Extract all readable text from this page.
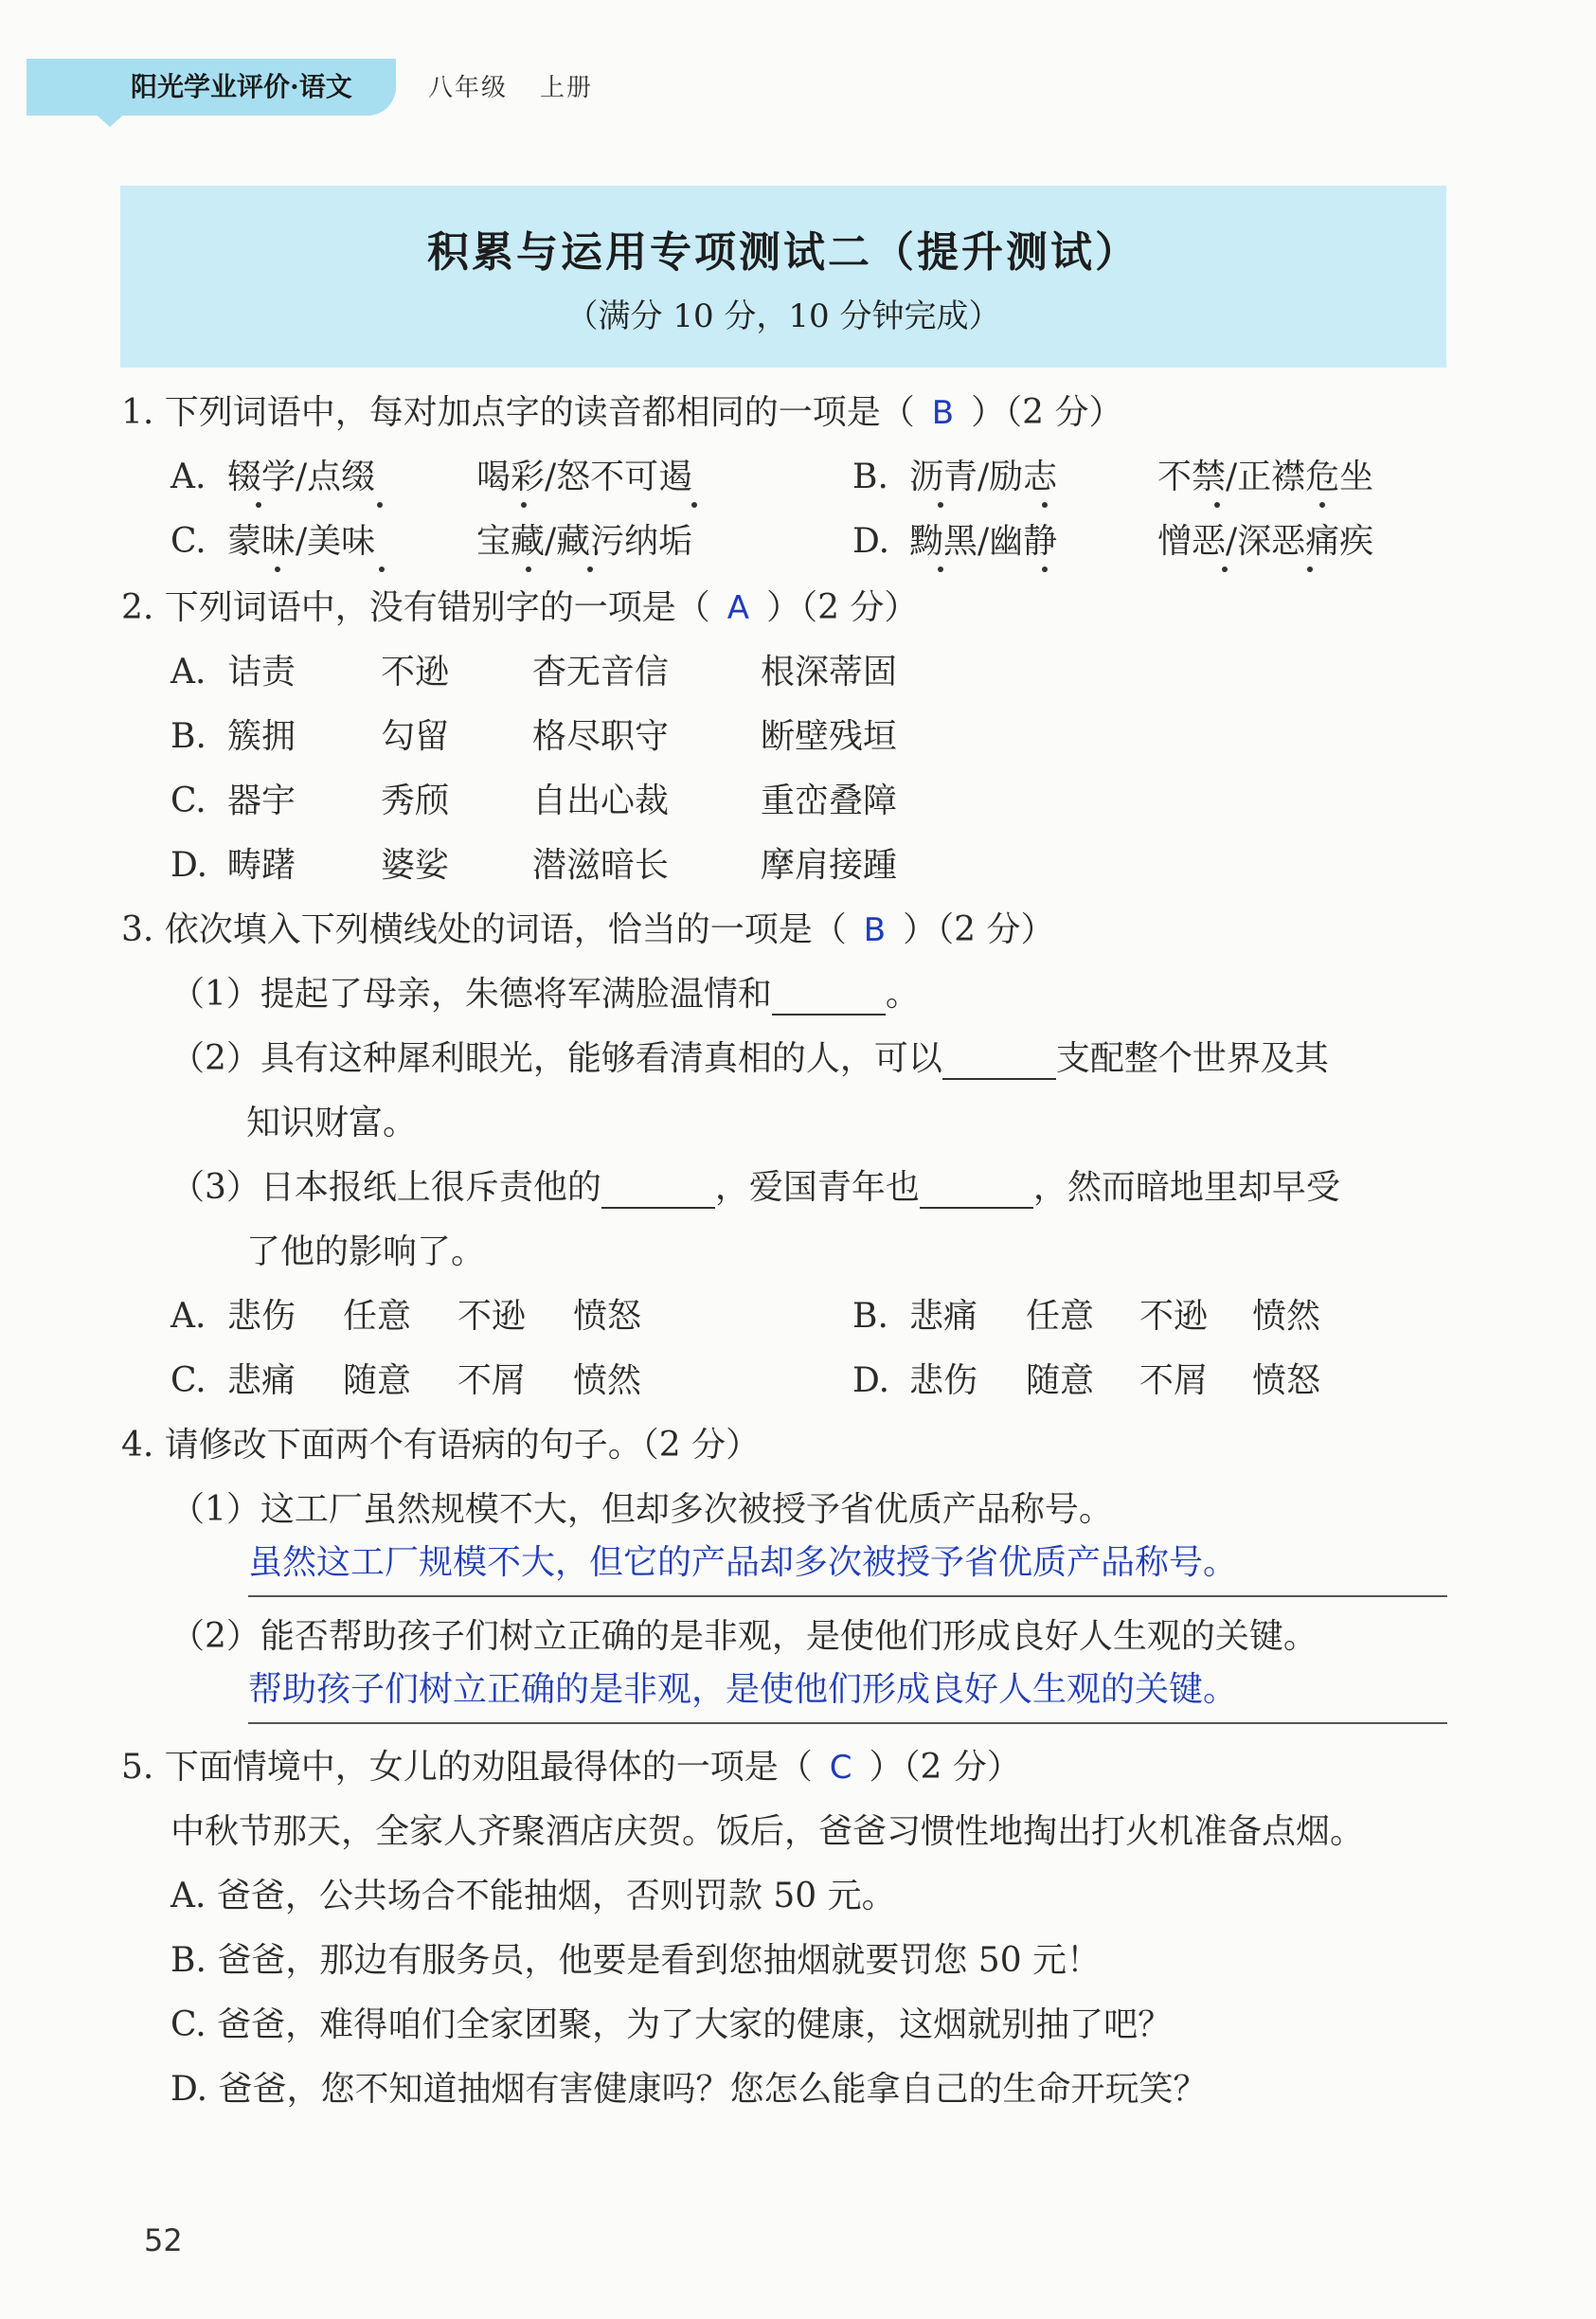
阳光学业评价·语文	八年级 上册
积累与运用专项测试二（提升测试）
（满分 10 分，10 分钟完成）
1. 下列词语中，每对加点字的读音都相同的一项是（ B ）（2 分）
A. 辍学/点缀	喝彩/怒不可遏	B. 沥青/励志	不禁/正襟危坐
C. 蒙昧/美味	宝藏/藏污纳垢	D. 黝黑/幽静	憎恶/深恶痛疾
2. 下列词语中，没有错别字的一项是（ A ）（2 分）
A. 诘责 不逊 杳无音信	根深蒂固
B. 簇拥 勾留 格尽职守	断壁残垣
C. 器宇 秀颀 自出心裁	重峦叠障
D. 畴躇 婆娑 潜滋暗长	摩肩接踵
3. 依次填入下列横线处的词语，恰当的一项是（ B ）（2 分）
（1）提起了母亲，朱德将军满脸温情和	。
（2）具有这种犀利眼光，能够看清真相的人，可以	支配整个世界及其
知识财富。
（3）日本报纸上很斥责他的	，爱国青年也	，然而暗地里却早受
了他的影响了。
A. 悲伤 任意 不逊 愤怒	B. 悲痛 任意 不逊 愤然
C. 悲痛 随意 不屑 愤然	D. 悲伤 随意 不屑 愤怒
4. 请修改下面两个有语病的句子。（2 分）
（1）这工厂虽然规模不大，但却多次被授予省优质产品称号。
虽然这工厂规模不大，但它的产品却多次被授予省优质产品称号。
（2）能否帮助孩子们树立正确的是非观，是使他们形成良好人生观的关键。
帮助孩子们树立正确的是非观，是使他们形成良好人生观的关键。
5. 下面情境中，女儿的劝阻最得体的一项是（ C ）（2 分）
中秋节那天，全家人齐聚酒店庆贺。饭后，爸爸习惯性地掏出打火机准备点烟。
A. 爸爸，公共场合不能抽烟，否则罚款 50 元。
B. 爸爸，那边有服务员，他要是看到您抽烟就要罚您 50 元！
C. 爸爸，难得咱们全家团聚，为了大家的健康，这烟就别抽了吧？
D. 爸爸，您不知道抽烟有害健康吗？您怎么能拿自己的生命开玩笑？
52
